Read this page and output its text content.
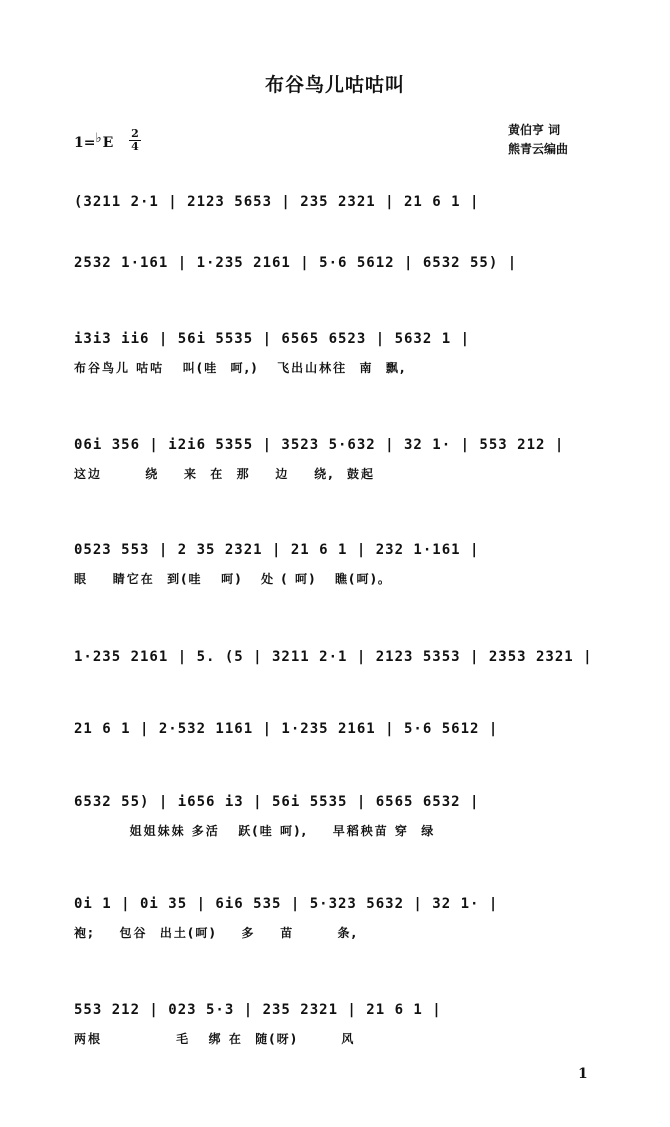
布谷鸟儿咕咕叫
1=♭E
2
4
黄伯亨 词
熊青云编曲
(3211 2·1 | 2123 5653 | 235 2321 | 21 6 1 |
2532 1·161 | 1·235 2161 | 5·6 5612 | 6532 55) |
i3i3 ii6 | 56i 5535 | 6565 6523 | 5632 1 |
布谷鸟儿 咕咕   叫(哇  呵,)   飞出山林往  南  飘,
06i 356 | i2i6 5355 | 3523 5·632 | 32 1· | 553 212 |
这边       绕    来  在  那    边    绕,  鼓起
0523 553 | 2 35 2321 | 21 6 1 | 232 1·161 |
眼    睛它在  到(哇   呵)   处 ( 呵)   瞧(呵)。
1·235 2161 | 5. (5 | 3211 2·1 | 2123 5353 | 2353 2321 |
21 6 1 | 2·532 1161 | 1·235 2161 | 5·6 5612 |
6532 55) | i656 i3 | 56i 5535 | 6565 6532 |
姐姐妹妹 多活   跃(哇 呵),    早稻秧苗 穿  绿
0i 1 | 0i 35 | 6i6 535 | 5·323 5632 | 32 1· |
袍;    包谷  出土(呵)    多    苗       条,
553 212 | 023 5·3 | 235 2321 | 21 6 1 |
两根            毛   绑 在  随(呀)       风
1
